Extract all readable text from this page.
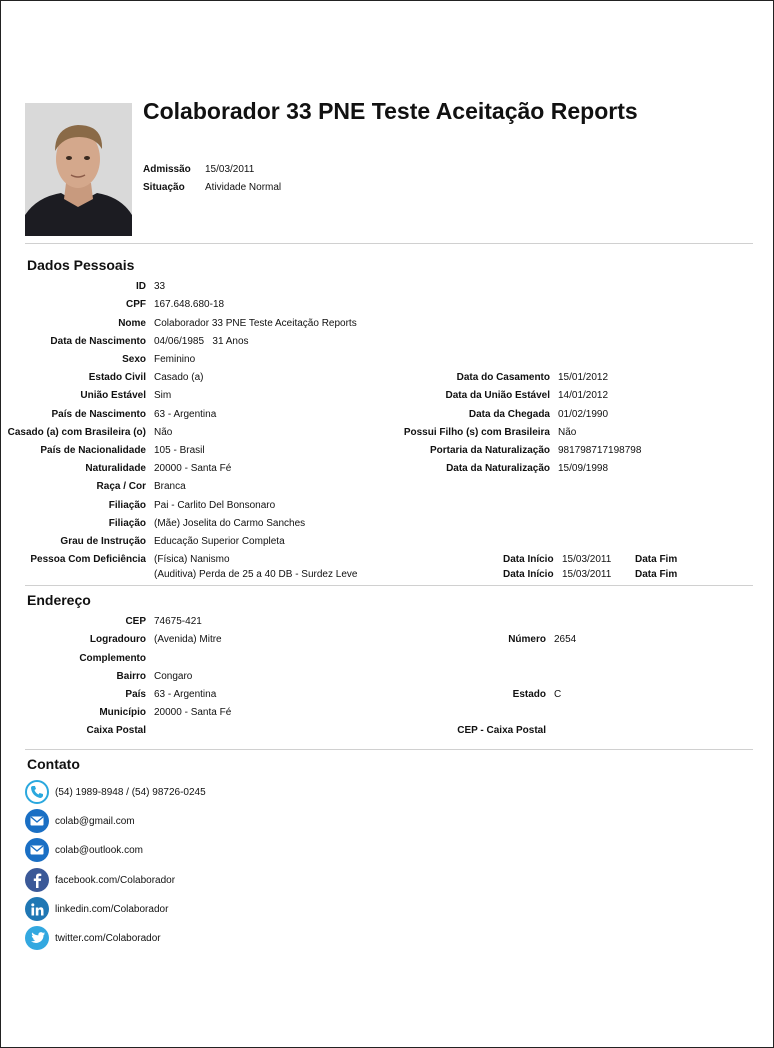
Colaborador 33 PNE Teste Aceitação Reports
Admissão 15/03/2011
Situação Atividade Normal
Dados Pessoais
ID 33
CPF 167.648.680-18
Nome Colaborador 33 PNE Teste Aceitação Reports
Data de Nascimento 04/06/1985   31 Anos
Sexo Feminino
Estado Civil Casado (a)	Data do Casamento 15/01/2012
União Estável Sim	Data da União Estável 14/01/2012
País de Nascimento 63 - Argentina	Data da Chegada 01/02/1990
Casado (a) com Brasileira (o) Não	Possui Filho (s) com Brasileira Não
País de Nacionalidade 105 - Brasil	Portaria da Naturalização 981798717198798
Naturalidade 20000 - Santa Fé	Data da Naturalização 15/09/1998
Raça / Cor Branca
Filiação Pai - Carlito Del Bonsonaro
Filiação (Mãe) Joselita do Carmo Sanches
Grau de Instrução Educação Superior Completa
Pessoa Com Deficiência (Física) Nanismo	Data Início 15/03/2011 Data Fim
(Auditiva) Perda de 25 a 40 DB - Surdez Leve	Data Início 15/03/2011 Data Fim
Endereço
CEP 74675-421
Logradouro (Avenida) Mitre	Número 2654
Complemento
Bairro Congaro
País 63 - Argentina	Estado C
Município 20000 - Santa Fé
Caixa Postal	CEP - Caixa Postal
Contato
(54) 1989-8948 / (54) 98726-0245
colab@gmail.com
colab@outlook.com
facebook.com/Colaborador
linkedin.com/Colaborador
twitter.com/Colaborador
